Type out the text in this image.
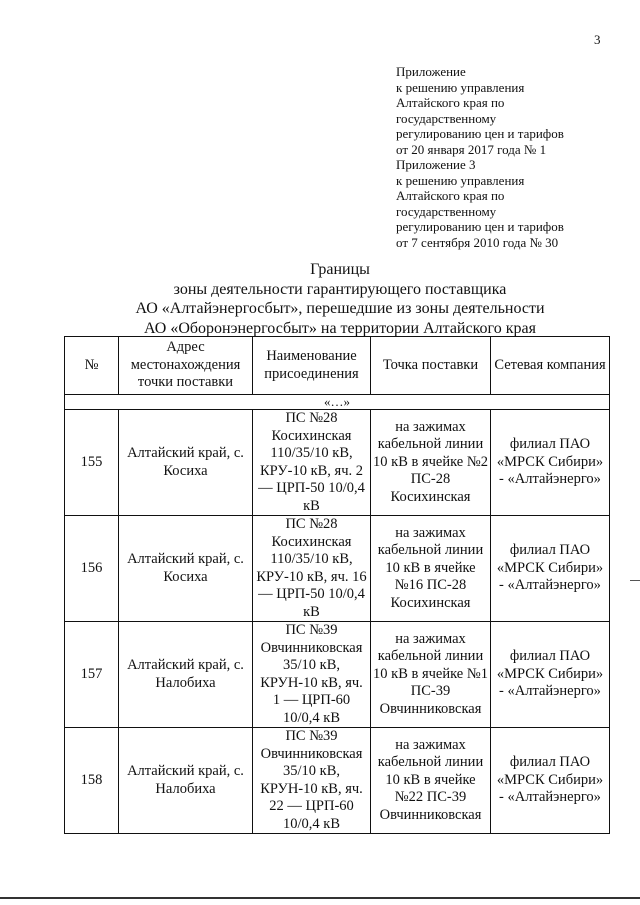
3
Приложение
к решению управления
Алтайского края по
государственному
регулированию цен и тарифов
от 20 января 2017 года № 1
Приложение 3
к решению управления
Алтайского края по
государственному
регулированию цен и тарифов
от 7 сентября 2010 года № 30
Границы
зоны деятельности гарантирующего поставщика
АО «Алтайэнергосбыт», перешедшие из зоны деятельности
АО «Оборонэнергосбыт» на территории Алтайского края
№	Адрес местонахождения точки поставки	Наименование присоединения	Точка поставки	Сетевая компания
«…»				
155	Алтайский край, с. Косиха	ПС №28 Косихинская 110/35/10 кВ, КРУ-10 кВ, яч. 2 — ЦРП-50 10/0,4 кВ	на зажимах кабельной линии 10 кВ в ячейке №2 ПС-28 Косихинская	филиал ПАО «МРСК Сибири» - «Алтайэнерго»
156	Алтайский край, с. Косиха	ПС №28 Косихинская 110/35/10 кВ, КРУ-10 кВ, яч. 16 — ЦРП-50 10/0,4 кВ	на зажимах кабельной линии 10 кВ в ячейке №16 ПС-28 Косихинская	филиал ПАО «МРСК Сибири» - «Алтайэнерго»
157	Алтайский край, с. Налобиха	ПС №39 Овчинниковская 35/10 кВ, КРУН-10 кВ, яч. 1 — ЦРП-60 10/0,4 кВ	на зажимах кабельной линии 10 кВ в ячейке №1 ПС-39 Овчинниковская	филиал ПАО «МРСК Сибири» - «Алтайэнерго»
158	Алтайский край, с. Налобиха	ПС №39 Овчинниковская 35/10 кВ, КРУН-10 кВ, яч. 22 — ЦРП-60 10/0,4 кВ	на зажимах кабельной линии 10 кВ в ячейке №22 ПС-39 Овчинниковская	филиал ПАО «МРСК Сибири» - «Алтайэнерго»
